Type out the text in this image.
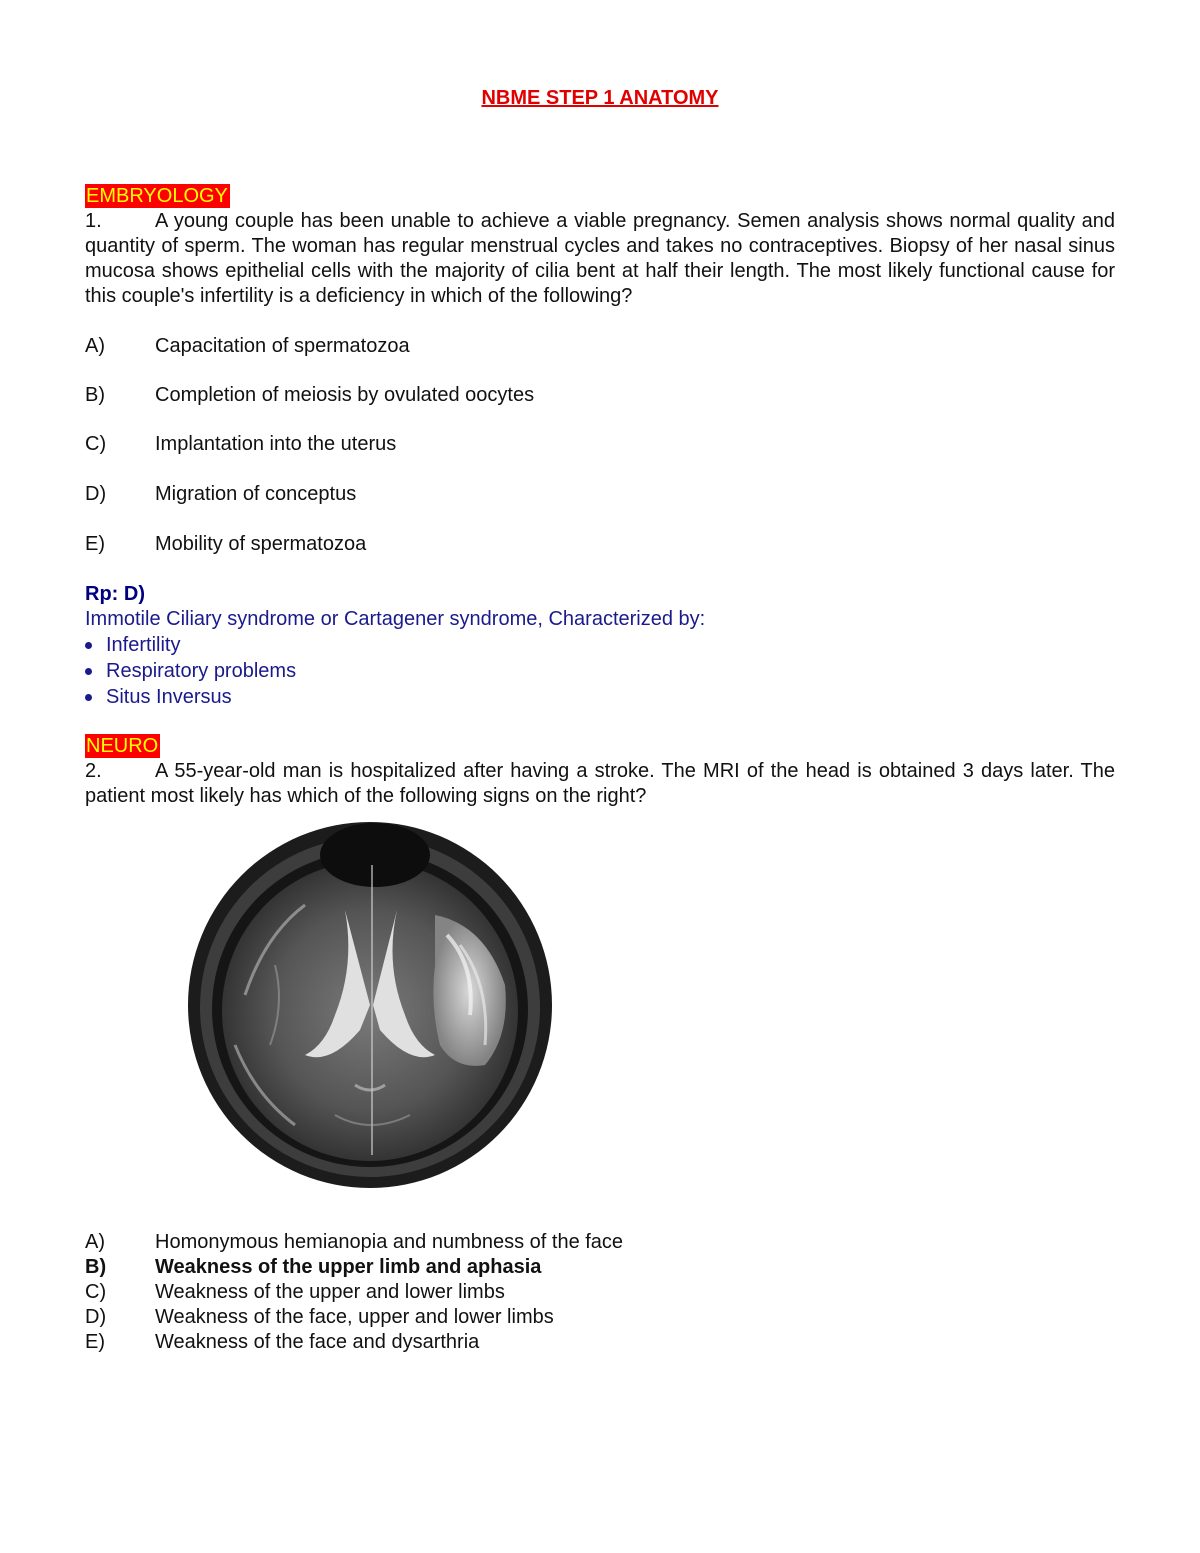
NBME STEP 1 ANATOMY
EMBRYOLOGY
1.	A young couple has been unable to achieve a viable pregnancy. Semen analysis shows normal quality and quantity of sperm. The woman has regular menstrual cycles and takes no contraceptives. Biopsy of her nasal sinus mucosa shows epithelial cells with the majority of cilia bent at half their length. The most likely functional cause for this couple's infertility is a deficiency in which of the following?
A)	Capacitation of spermatozoa
B)	Completion of meiosis by ovulated oocytes
C)	Implantation into the uterus
D)	Migration of conceptus
E)	Mobility of spermatozoa
Rp: D)
Immotile Ciliary syndrome or Cartagener syndrome, Characterized by:
Infertility
Respiratory problems
Situs Inversus
NEURO
2.	A 55-year-old man is hospitalized after having a stroke. The MRI of the head is obtained 3 days later. The patient most likely has which of the following signs on the right?
A)	Homonymous hemianopia and numbness of the face
B)	Weakness of the upper limb and aphasia
C)	Weakness of the upper and lower limbs
D)	Weakness of the face, upper and lower limbs
E)	Weakness of the face and dysarthria
